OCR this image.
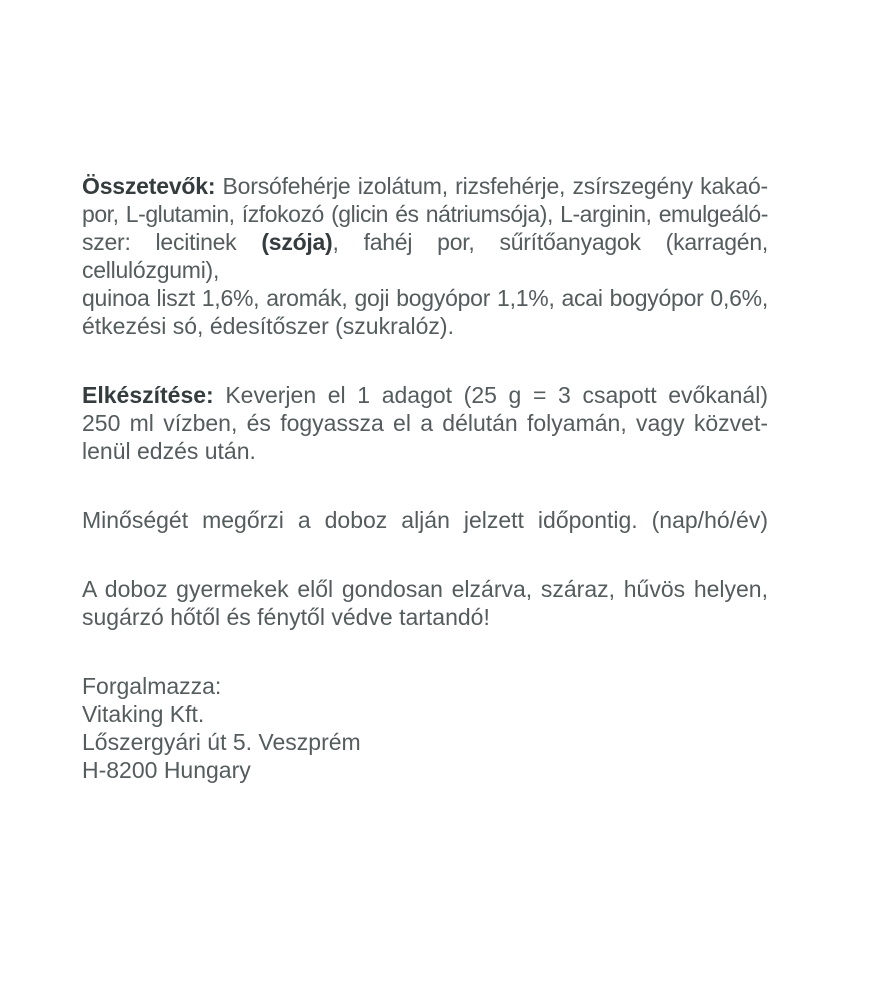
Összetevők: Borsófehérje izolátum, rizsfehérje, zsírszegény kakaó-
por, L-glutamin, ízfokozó (glicin és nátriumsója), L-arginin, emulgeáló-
szer: lecitinek (szója), fahéj por, sűrítőanyagok (karragén, cellulózgumi),
quinoa liszt 1,6%, aromák, goji bogyópor 1,1%, acai bogyópor 0,6%,
étkezési só, édesítőszer (szukralóz).
Elkészítése: Keverjen el 1 adagot (25 g = 3 csapott evőkanál)
250 ml vízben, és fogyassza el a délután folyamán, vagy közvet-
lenül edzés után.
Minőségét megőrzi a doboz alján jelzett időpontig. (nap/hó/év)
A doboz gyermekek elől gondosan elzárva, száraz, hűvös helyen,
sugárzó hőtől és fénytől védve tartandó!
Forgalmazza:
Vitaking Kft.
Lőszergyári út 5. Veszprém
H-8200 Hungary
